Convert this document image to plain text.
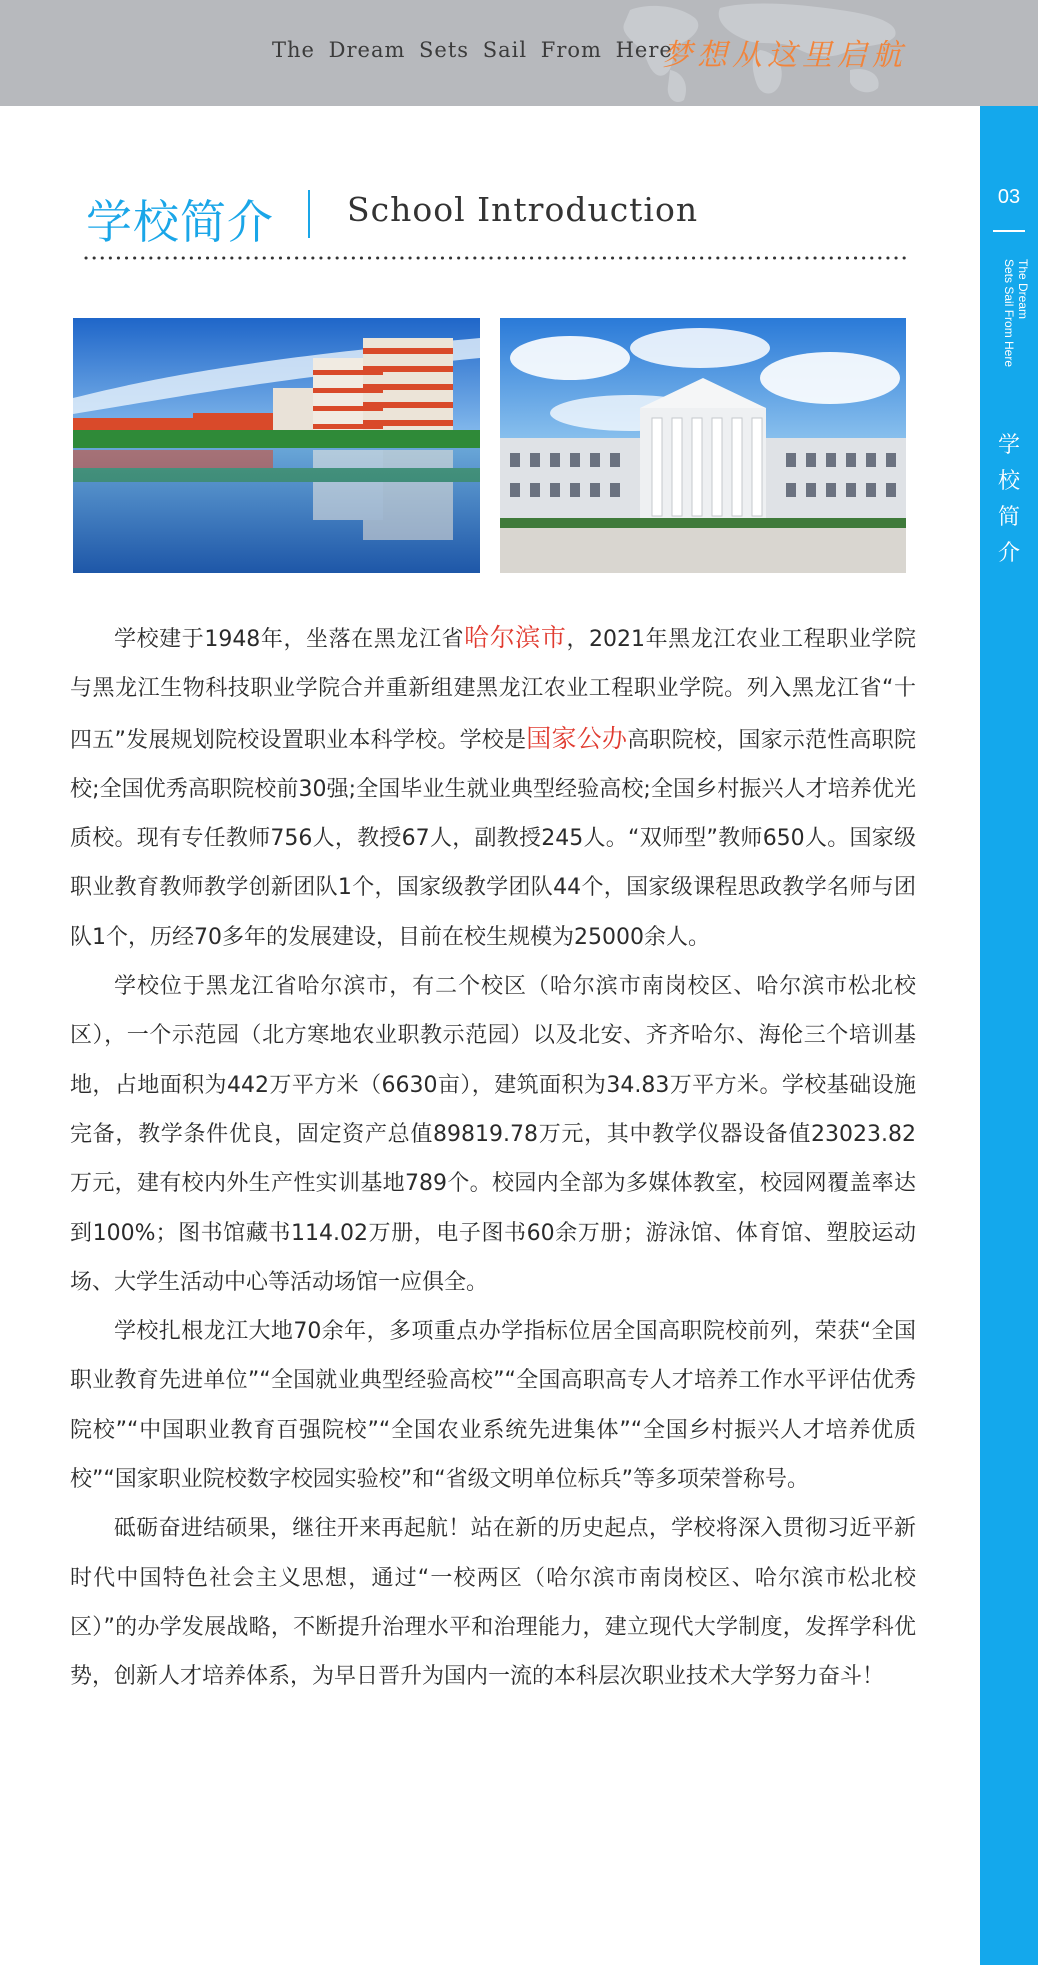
The Dream Sets Sail From Here
梦想从这里启航
03
The Dream
Sets Sail From Here
学
校
简
介
学校简介 School Introduction

学校建于1948年，坐落在黑龙江省哈尔滨市，2021年黑龙江农业工程职业学院与黑龙江生物科技职业学院合并重新组建黑龙江农业工程职业学院。列入黑龙江省“十四五”发展规划院校设置职业本科学校。学校是国家公办高职院校，国家示范性高职院校;全国优秀高职院校前30强;全国毕业生就业典型经验高校;全国乡村振兴人才培养优光质校。现有专任教师756人，教授67人，副教授245人。“双师型”教师650人。国家级职业教育教师教学创新团队1个，国家级教学团队44个，国家级课程思政教学名师与团队1个，历经70多年的发展建设，目前在校生规模为25000余人。

学校位于黑龙江省哈尔滨市，有二个校区（哈尔滨市南岗校区、哈尔滨市松北校区），一个示范园（北方寒地农业职教示范园）以及北安、齐齐哈尔、海伦三个培训基地，占地面积为442万平方米（6630亩），建筑面积为34.83万平方米。学校基础设施完备，教学条件优良，固定资产总值89819.78万元，其中教学仪器设备值23023.82万元，建有校内外生产性实训基地789个。校园内全部为多媒体教室，校园网覆盖率达到100%；图书馆藏书114.02万册，电子图书60余万册；游泳馆、体育馆、塑胶运动场、大学生活动中心等活动场馆一应俱全。

学校扎根龙江大地70余年，多项重点办学指标位居全国高职院校前列，荣获“全国职业教育先进单位”“全国就业典型经验高校”“全国高职高专人才培养工作水平评估优秀院校”“中国职业教育百强院校”“全国农业系统先进集体”“全国乡村振兴人才培养优质校”“国家职业院校数字校园实验校”和“省级文明单位标兵”等多项荣誉称号。

砥砺奋进结硕果，继往开来再起航！站在新的历史起点，学校将深入贯彻习近平新时代中国特色社会主义思想，通过“一校两区（哈尔滨市南岗校区、哈尔滨市松北校区）”的办学发展战略，不断提升治理水平和治理能力，建立现代大学制度，发挥学科优势，创新人才培养体系，为早日晋升为国内一流的本科层次职业技术大学努力奋斗！
